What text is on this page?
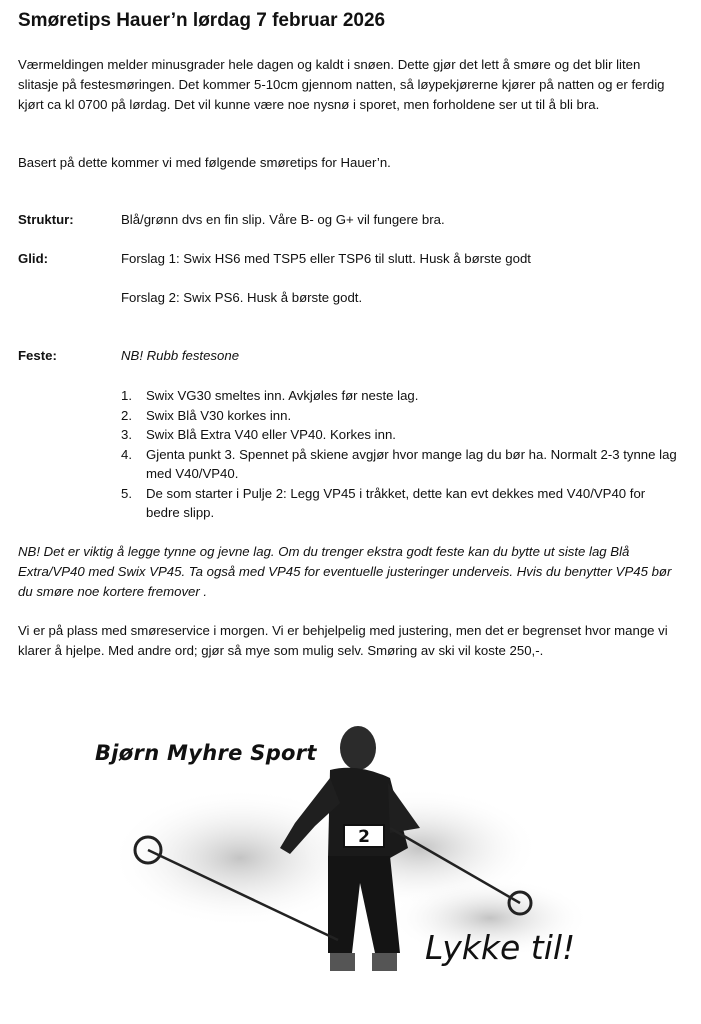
Smøretips Hauer’n lørdag 7 februar 2026

Værmeldingen melder minusgrader hele dagen og kaldt i snøen. Dette gjør det lett å smøre og det blir liten slitasje på festesmøringen. Det kommer 5-10cm gjennom natten, så løypekjørerne kjører på natten og er ferdig kjørt ca kl 0700 på lørdag. Det vil kunne være noe nysnø i sporet, men forholdene ser ut til å bli bra.

Basert på dette kommer vi med følgende smøretips for Hauer’n.

Struktur:	Blå/grønn dvs en fin slip. Våre B- og G+ vil fungere bra.
Glid:	Forslag 1: Swix HS6 med TSP5 eller TSP6 til slutt. Husk å børste godt
Forslag 2: Swix PS6. Husk å børste godt.
Feste:	NB! Rubb festesone
1. Swix VG30 smeltes inn. Avkjøles før neste lag.
2. Swix Blå V30 korkes inn.
3. Swix Blå Extra V40 eller VP40. Korkes inn.
4. Gjenta punkt 3. Spennet på skiene avgjør hvor mange lag du bør ha. Normalt 2-3 tynne lag med V40/VP40.
5. De som starter i Pulje 2: Legg VP45 i tråkket, dette kan evt dekkes med V40/VP40 for bedre slipp.

NB! Det er viktig å legge tynne og jevne lag. Om du trenger ekstra godt feste kan du bytte ut siste lag Blå Extra/VP40 med Swix VP45. Ta også med VP45 for eventuelle justeringer underveis. Hvis du benytter VP45 bør du smøre noe kortere fremover .

Vi er på plass med smøreservice i morgen. Vi er behjelpelig med justering, men det er begrenset hvor mange vi klarer å hjelpe. Med andre ord; gjør så mye som mulig selv. Smøring av ski vil koste 250,-.

2
Bjørn Myhre Sport
Lykke til!
